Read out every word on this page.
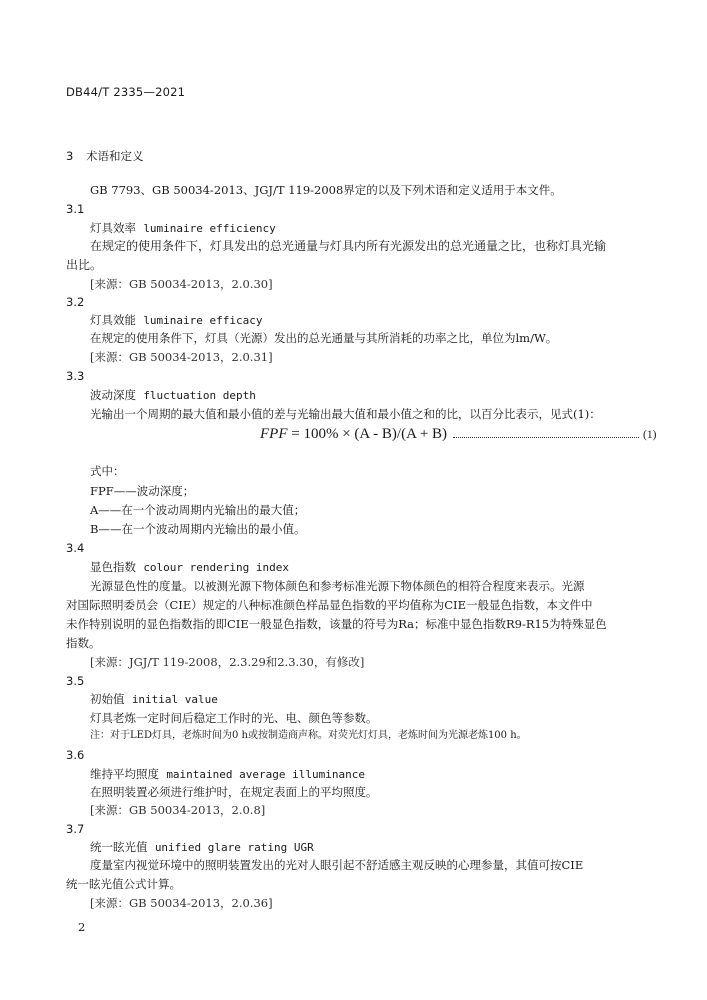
DB44/T 2335—2021
3 术语和定义
GB 7793、GB 50034-2013、JGJ/T 119-2008界定的以及下列术语和定义适用于本文件。
3.1
灯具效率 luminaire efficiency
在规定的使用条件下，灯具发出的总光通量与灯具内所有光源发出的总光通量之比，也称灯具光输
出比。
[来源：GB 50034-2013，2.0.30]
3.2
灯具效能 luminaire efficacy
在规定的使用条件下，灯具（光源）发出的总光通量与其所消耗的功率之比，单位为lm/W。
[来源：GB 50034-2013，2.0.31]
3.3
波动深度 fluctuation depth
光输出一个周期的最大值和最小值的差与光输出最大值和最小值之和的比，以百分比表示，见式(1)：
FPF = 100% × (A - B)/(A + B)	(1)
式中：
FPF——波动深度；
A——在一个波动周期内光输出的最大值；
B——在一个波动周期内光输出的最小值。
3.4
显色指数 colour rendering index
光源显色性的度量。以被测光源下物体颜色和参考标准光源下物体颜色的相符合程度来表示。光源
对国际照明委员会（CIE）规定的八种标准颜色样品显色指数的平均值称为CIE一般显色指数，本文件中
未作特别说明的显色指数指的即CIE一般显色指数，该量的符号为Ra；标准中显色指数R9-R15为特殊显色
指数。
[来源：JGJ/T 119-2008，2.3.29和2.3.30，有修改]
3.5
初始值 initial value
灯具老炼一定时间后稳定工作时的光、电、颜色等参数。
注：对于LED灯具，老炼时间为0 h或按制造商声称。对荧光灯灯具，老炼时间为光源老炼100 h。
3.6
维持平均照度 maintained average illuminance
在照明装置必须进行维护时，在规定表面上的平均照度。
[来源：GB 50034-2013，2.0.8]
3.7
统一眩光值 unified glare rating UGR
度量室内视觉环境中的照明装置发出的光对人眼引起不舒适感主观反映的心理参量，其值可按CIE
统一眩光值公式计算。
[来源：GB 50034-2013，2.0.36]
2
